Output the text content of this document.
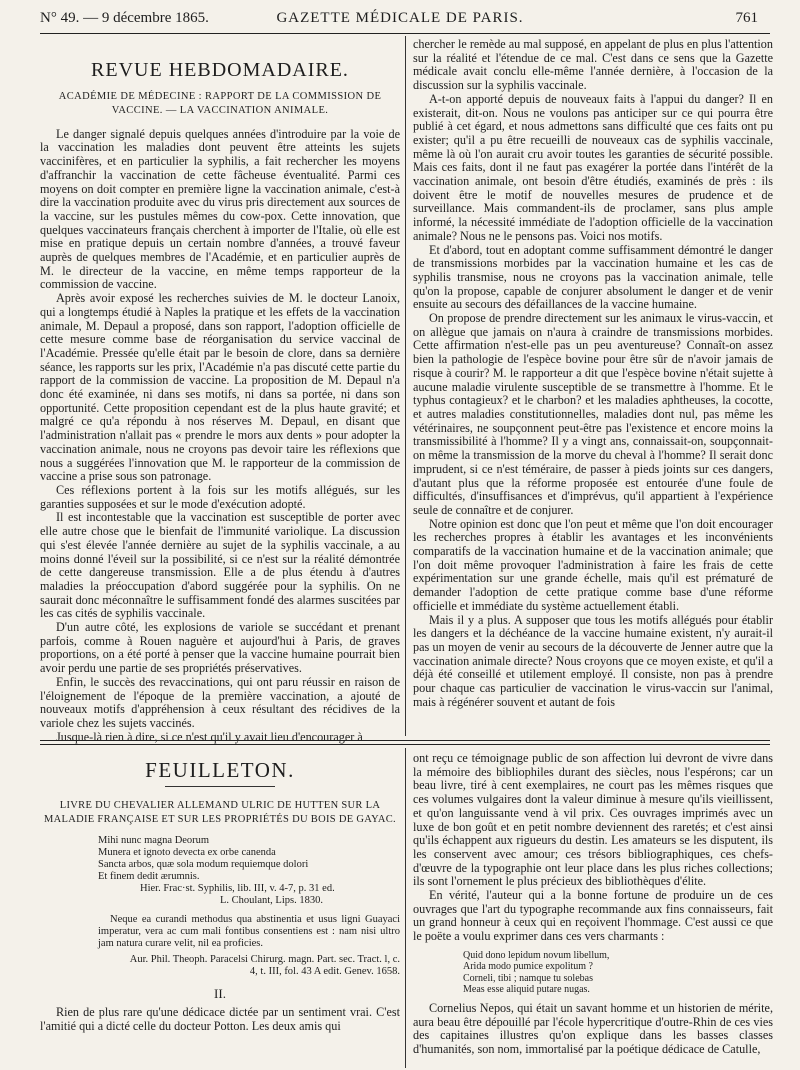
N° 49. — 9 décembre 1865.	GAZETTE MÉDICALE DE PARIS.	761
REVUE HEBDOMADAIRE.
ACADÉMIE DE MÉDECINE : RAPPORT DE LA COMMISSION DE VACCINE. — LA VACCINATION ANIMALE.

Le danger signalé depuis quelques années d'introduire par la voie de la vaccination les maladies dont peuvent être atteints les sujets vaccinifères, et en particulier la syphilis, a fait rechercher les moyens d'affranchir la vaccination de cette fâcheuse éventualité. Parmi ces moyens on doit compter en première ligne la vaccination animale, c'est-à dire la vaccination produite avec du virus pris directement aux sources de la vaccine, sur les pustules mêmes du cow-pox. Cette innovation, que quelques vaccinateurs français cherchent à importer de l'Italie, où elle est mise en pratique depuis un certain nombre d'années, a trouvé faveur auprès de quelques membres de l'Académie, et en particulier auprès de M. le directeur de la vaccine, en même temps rapporteur de la commission de vaccine.

Après avoir exposé les recherches suivies de M. le docteur Lanoix, qui a longtemps étudié à Naples la pratique et les effets de la vaccination animale, M. Depaul a proposé, dans son rapport, l'adoption officielle de cette mesure comme base de réorganisation du service vaccinal de l'Académie. Pressée qu'elle était par le besoin de clore, dans sa dernière séance, les rapports sur les prix, l'Académie n'a pas discuté cette partie du rapport de la commission de vaccine. La proposition de M. Depaul n'a donc été examinée, ni dans ses motifs, ni dans sa portée, ni dans son opportunité. Cette proposition cependant est de la plus haute gravité; et malgré ce qu'a répondu à nos réserves M. Depaul, en disant que l'administration n'allait pas « prendre le mors aux dents » pour adopter la vaccination animale, nous ne croyons pas devoir taire les réflexions que nous a suggérées l'innovation que M. le rapporteur de la commission de vaccine a prise sous son patronage.

Ces réflexions portent à la fois sur les motifs allégués, sur les garanties supposées et sur le mode d'exécution adopté.

Il est incontestable que la vaccination est susceptible de porter avec elle autre chose que le bienfait de l'immunité variolique. La discussion qui s'est élevée l'année dernière au sujet de la syphilis vaccinale, a au moins donné l'éveil sur la possibilité, si ce n'est sur la réalité démontrée de cette dangereuse transmission. Elle a de plus étendu à d'autres maladies la préoccupation d'abord suggérée pour la syphilis. On ne saurait donc méconnaître le suffisamment fondé des alarmes suscitées par les cas cités de syphilis vaccinale.

D'un autre côté, les explosions de variole se succédant et prenant parfois, comme à Rouen naguère et aujourd'hui à Paris, de graves proportions, on a été porté à penser que la vaccine humaine pourrait bien avoir perdu une partie de ses propriétés préservatives.

Enfin, le succès des revaccinations, qui ont paru réussir en raison de l'éloignement de l'époque de la première vaccination, a ajouté de nouveaux motifs d'appréhension à ceux résultant des récidives de la variole chez les sujets vaccinés.

Jusque-là rien à dire, si ce n'est qu'il y avait lieu d'encourager à

chercher le remède au mal supposé, en appelant de plus en plus l'attention sur la réalité et l'étendue de ce mal. C'est dans ce sens que la Gazette médicale avait conclu elle-même l'année dernière, à l'occasion de la discussion sur la syphilis vaccinale.

A-t-on apporté depuis de nouveaux faits à l'appui du danger? Il en existerait, dit-on. Nous ne voulons pas anticiper sur ce qui pourra être publié à cet égard, et nous admettons sans difficulté que ces faits ont pu exister; qu'il a pu être recueilli de nouveaux cas de syphilis vaccinale, même là où l'on aurait cru avoir toutes les garanties de sécurité possible. Mais ces faits, dont il ne faut pas exagérer la portée dans l'intérêt de la vaccination animale, ont besoin d'être étudiés, examinés de près : ils doivent être le motif de nouvelles mesures de prudence et de surveillance. Mais commandent-ils de proclamer, sans plus ample informé, la nécessité immédiate de l'adoption officielle de la vaccination animale? Nous ne le pensons pas. Voici nos motifs.

Et d'abord, tout en adoptant comme suffisamment démontré le danger de transmissions morbides par la vaccination humaine et les cas de syphilis transmise, nous ne croyons pas la vaccination animale, telle qu'on la propose, capable de conjurer absolument le danger et de venir ensuite au secours des défaillances de la vaccine humaine.

On propose de prendre directement sur les animaux le virus-vaccin, et on allègue que jamais on n'aura à craindre de transmissions morbides. Cette affirmation n'est-elle pas un peu aventureuse? Connaît-on assez bien la pathologie de l'espèce bovine pour être sûr de n'avoir jamais de risque à courir? M. le rapporteur a dit que l'espèce bovine n'était sujette à aucune maladie virulente susceptible de se transmettre à l'homme. Et le typhus contagieux? et le charbon? et les maladies aphtheuses, la cocotte, et autres maladies constitutionnelles, maladies dont nul, pas même les vétérinaires, ne soupçonnent peut-être pas l'existence et encore moins la transmissibilité à l'homme? Il y a vingt ans, connaissait-on, soupçonnait-on même la transmission de la morve du cheval à l'homme? Il serait donc imprudent, si ce n'est téméraire, de passer à pieds joints sur ces dangers, d'autant plus que la réforme proposée est entourée d'une foule de difficultés, d'insuffisances et d'imprévus, qu'il appartient à l'expérience seule de connaître et de conjurer.

Notre opinion est donc que l'on peut et même que l'on doit encourager les recherches propres à établir les avantages et les inconvénients comparatifs de la vaccination humaine et de la vaccination animale; que l'on doit même provoquer l'administration à faire les frais de cette expérimentation sur une grande échelle, mais qu'il est prématuré de demander l'adoption de cette pratique comme base d'une réforme officielle et immédiate du système actuellement établi.

Mais il y a plus. A supposer que tous les motifs allégués pour établir les dangers et la déchéance de la vaccine humaine existent, n'y aurait-il pas un moyen de venir au secours de la découverte de Jenner autre que la vaccination animale directe? Nous croyons que ce moyen existe, et qu'il a déjà été conseillé et utilement employé. Il consiste, non pas à prendre pour chaque cas particulier de vaccination le virus-vaccin sur l'animal, mais à régénérer souvent et autant de fois

FEUILLETON.
LIVRE DU CHEVALIER ALLEMAND ULRIC DE HUTTEN SUR LA MALADIE FRANÇAISE ET SUR LES PROPRIÉTÉS DU BOIS DE GAYAC.
Mihi nunc magna Deorum
Munera et ignoto devecta ex orbe canenda
Sancta arbos, quæ sola modum requiemque dolori
Et finem dedit ærumnis.
Hier. Frac·st. Syphilis, lib. III, v. 4-7, p. 31 ed.
L. Choulant, Lips. 1830.
Neque ea curandi methodus qua abstinentia et usus ligni Guayaci imperatur, vera ac cum mali fontibus consentiens est : nam nisi ultro jam natura curare velit, nil ea proficies.
Aur. Phil. Theoph. Paracelsi Chirurg. magn. Part. sec. Tract. l, c. 4, t. III, fol. 43 A edit. Genev. 1658.
II.

Rien de plus rare qu'une dédicace dictée par un sentiment vrai. C'est l'amitié qui a dicté celle du docteur Potton. Les deux amis qui

ont reçu ce témoignage public de son affection lui devront de vivre dans la mémoire des bibliophiles durant des siècles, nous l'espérons; car un beau livre, tiré à cent exemplaires, ne court pas les mêmes risques que ces volumes vulgaires dont la valeur diminue à mesure qu'ils vieillissent, et qu'on languissante vend à vil prix. Ces ouvrages imprimés avec un luxe de bon goût et en petit nombre deviennent des raretés; et c'est ainsi qu'ils échappent aux rigueurs du destin. Les amateurs se les disputent, ils les conservent avec amour; ces trésors bibliographiques, ces chefs-d'œuvre de la typographie ont leur place dans les plus riches collections; ils sont l'ornement le plus précieux des bibliothèques d'élite.

En vérité, l'auteur qui a la bonne fortune de produire un de ces ouvrages que l'art du typographe recommande aux fins connaisseurs, fait un grand honneur à ceux qui en reçoivent l'hommage. C'est aussi ce que le poëte a voulu exprimer dans ces vers charmants :

Quid dono lepidum novum libellum,
Arida modo pumice expolitum ?
Corneli, tibi ; namque tu solebas
Meas esse aliquid putare nugas.

Cornelius Nepos, qui était un savant homme et un historien de mérite, aura beau être dépouillé par l'école hypercritique d'outre-Rhin de ces vies des capitaines illustres qu'on explique dans les basses classes d'humanités, son nom, immortalisé par la poétique dédicace de Catulle,
